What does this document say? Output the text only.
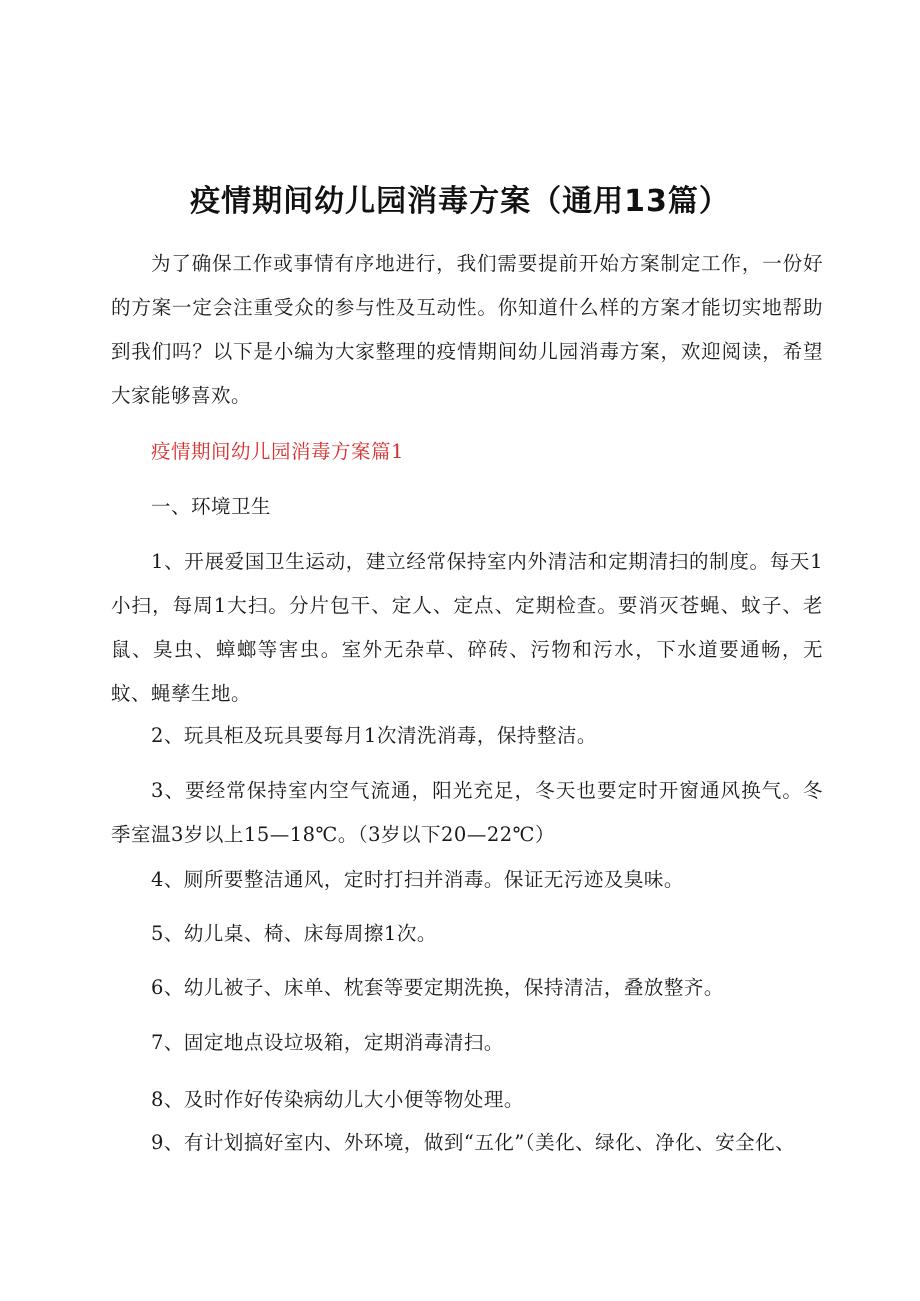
疫情期间幼儿园消毒方案（通用13篇）

为了确保工作或事情有序地进行，我们需要提前开始方案制定工作，一份好的方案一定会注重受众的参与性及互动性。你知道什么样的方案才能切实地帮助到我们吗？以下是小编为大家整理的疫情期间幼儿园消毒方案，欢迎阅读，希望大家能够喜欢。

疫情期间幼儿园消毒方案篇1

一、环境卫生

1、开展爱国卫生运动，建立经常保持室内外清洁和定期清扫的制度。每天1小扫，每周1大扫。分片包干、定人、定点、定期检查。要消灭苍蝇、蚊子、老鼠、臭虫、蟑螂等害虫。室外无杂草、碎砖、污物和污水，下水道要通畅，无蚊、蝇孳生地。

2、玩具柜及玩具要每月1次清洗消毒，保持整洁。

3、要经常保持室内空气流通，阳光充足，冬天也要定时开窗通风换气。冬季室温3岁以上15—18℃。（3岁以下20—22℃）

4、厕所要整洁通风，定时打扫并消毒。保证无污迹及臭味。

5、幼儿桌、椅、床每周擦1次。

6、幼儿被子、床单、枕套等要定期洗换，保持清洁，叠放整齐。

7、固定地点设垃圾箱，定期消毒清扫。

8、及时作好传染病幼儿大小便等物处理。

9、有计划搞好室内、外环境，做到“五化”（美化、绿化、净化、安全化、
